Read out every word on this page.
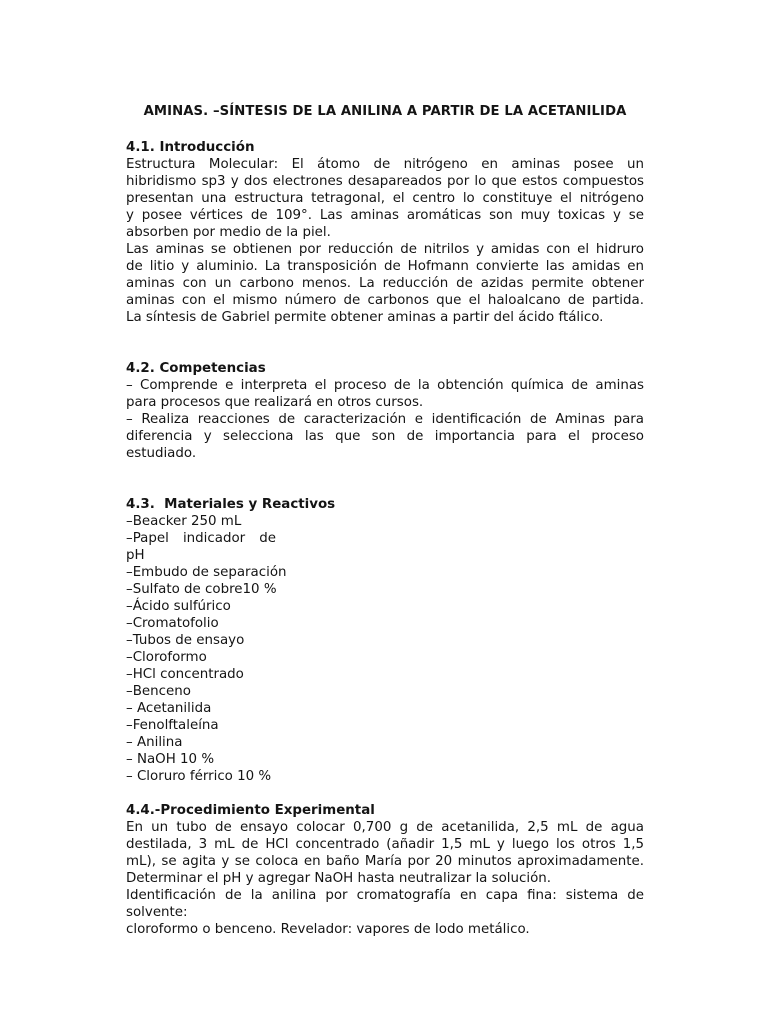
AMINAS. –SÍNTESIS DE LA ANILINA A PARTIR DE LA ACETANILIDA
4.1. Introducción
Estructura Molecular: El átomo de nitrógeno en aminas posee un
hibridismo sp3 y dos electrones desapareados por lo que estos compuestos
presentan una estructura tetragonal, el centro lo constituye el nitrógeno
y posee vértices de 109°. Las aminas aromáticas son muy toxicas y se
absorben por medio de la piel.
Las aminas se obtienen por reducción de nitrilos y amidas con el hidruro
de litio y aluminio. La transposición de Hofmann convierte las amidas en
aminas con un carbono menos. La reducción de azidas permite obtener
aminas con el mismo número de carbonos que el haloalcano de partida.
La síntesis de Gabriel permite obtener aminas a partir del ácido ftálico.
4.2. Competencias
– Comprende e interpreta el proceso de la obtención química de aminas
para procesos que realizará en otros cursos.
– Realiza reacciones de caracterización e identificación de Aminas para
diferencia y selecciona las que son de importancia para el proceso
estudiado.
4.3.  Materiales y Reactivos
–Beacker 250 mL
–Papel indicador de
pH
–Embudo de separación
–Sulfato de cobre10 %
–Ácido sulfúrico
–Cromatofolio
–Tubos de ensayo
–Cloroformo
–HCl concentrado
–Benceno
– Acetanilida
–Fenolftaleína
– Anilina
– NaOH 10 %
– Cloruro férrico 10 %
4.4.-Procedimiento Experimental
En un tubo de ensayo colocar 0,700 g de acetanilida, 2,5 mL de agua
destilada, 3 mL de HCl concentrado (añadir 1,5 mL y luego los otros 1,5
mL), se agita y se coloca en baño María por 20 minutos aproximadamente.
Determinar el pH y agregar NaOH hasta neutralizar la solución.
Identificación de la anilina por cromatografía en capa fina: sistema de
solvente:
cloroformo o benceno. Revelador: vapores de Iodo metálico.
